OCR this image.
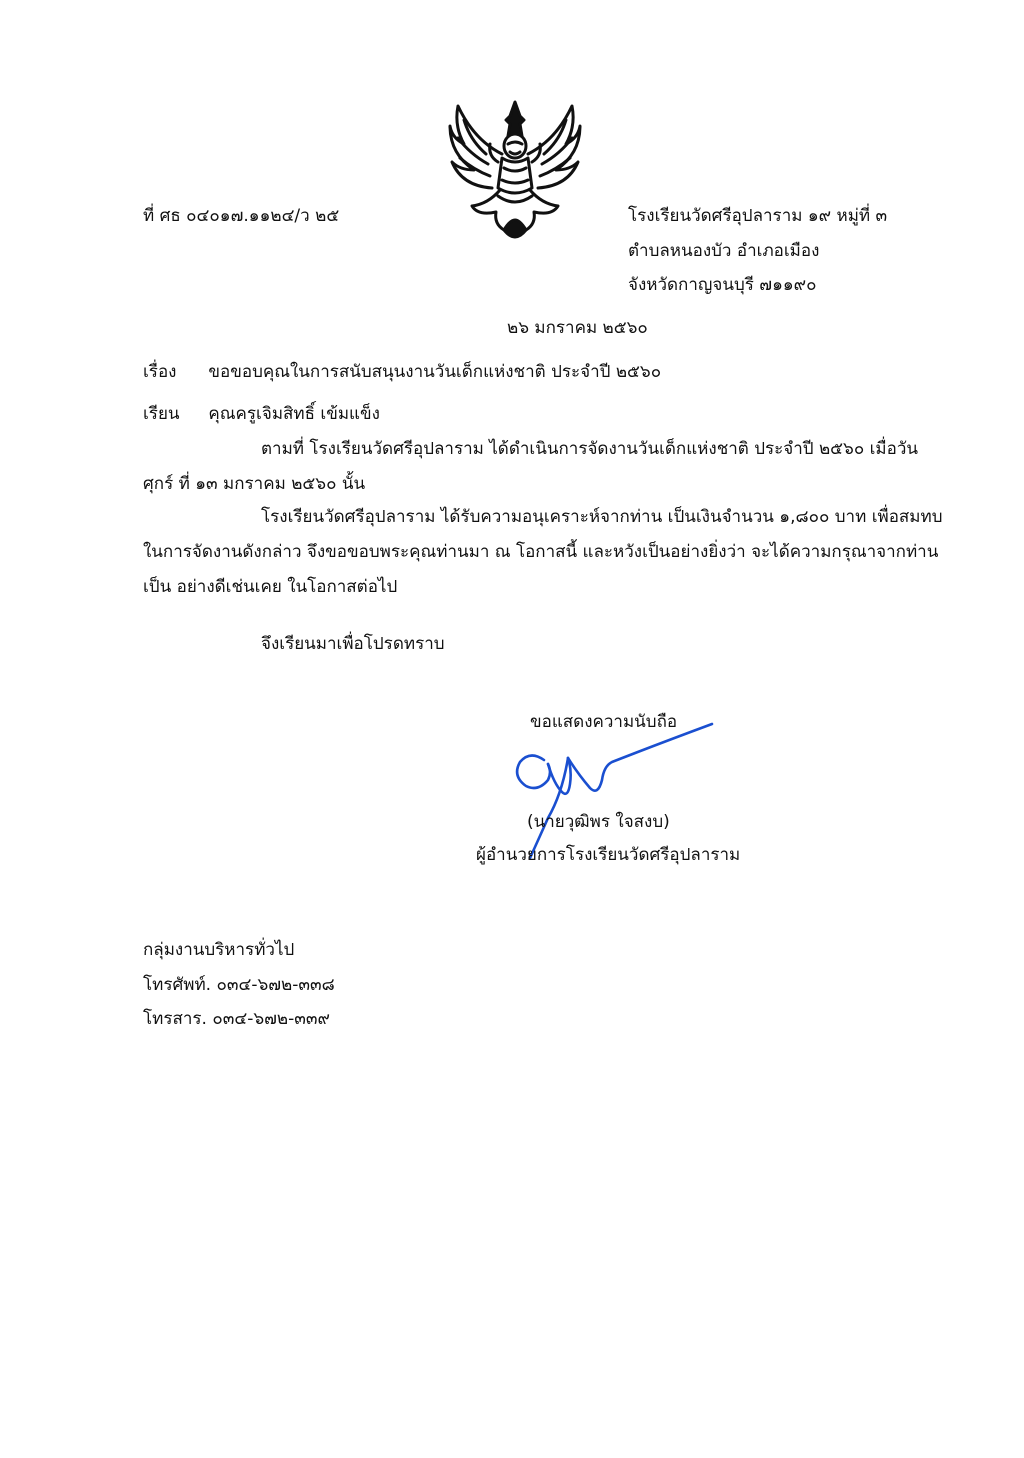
ที่ ศธ ๐๔๐๑๗.๑๑๒๔/ว ๒๕	โรงเรียนวัดศรีอุปลาราม ๑๙ หมู่ที่ ๓
ตำบลหนองบัว อำเภอเมือง
จังหวัดกาญจนบุรี ๗๑๑๙๐
๒๖ มกราคม ๒๕๖๐
เรื่อง ขอขอบคุณในการสนับสนุนงานวันเด็กแห่งชาติ ประจำปี ๒๕๖๐
เรียน คุณครูเจิมสิทธิ์ เข้มแข็ง
ตามที่ โรงเรียนวัดศรีอุปลาราม ได้ดำเนินการจัดงานวันเด็กแห่งชาติ ประจำปี ๒๕๖๐ เมื่อวันศุกร์ ที่ ๑๓ มกราคม ๒๕๖๐ นั้น
โรงเรียนวัดศรีอุปลาราม ได้รับความอนุเคราะห์จากท่าน เป็นเงินจำนวน ๑,๘๐๐ บาท เพื่อสมทบในการจัดงานดังกล่าว จึงขอขอบพระคุณท่านมา ณ โอกาสนี้ และหวังเป็นอย่างยิ่งว่า จะได้ความกรุณาจากท่านเป็น อย่างดีเช่นเคย ในโอกาสต่อไป
จึงเรียนมาเพื่อโปรดทราบ
ขอแสดงความนับถือ
(นายวุฒิพร ใจสงบ)
ผู้อำนวยการโรงเรียนวัดศรีอุปลาราม
กลุ่มงานบริหารทั่วไป
โทรศัพท์. ๐๓๔-๖๗๒-๓๓๘
โทรสาร. ๐๓๔-๖๗๒-๓๓๙
